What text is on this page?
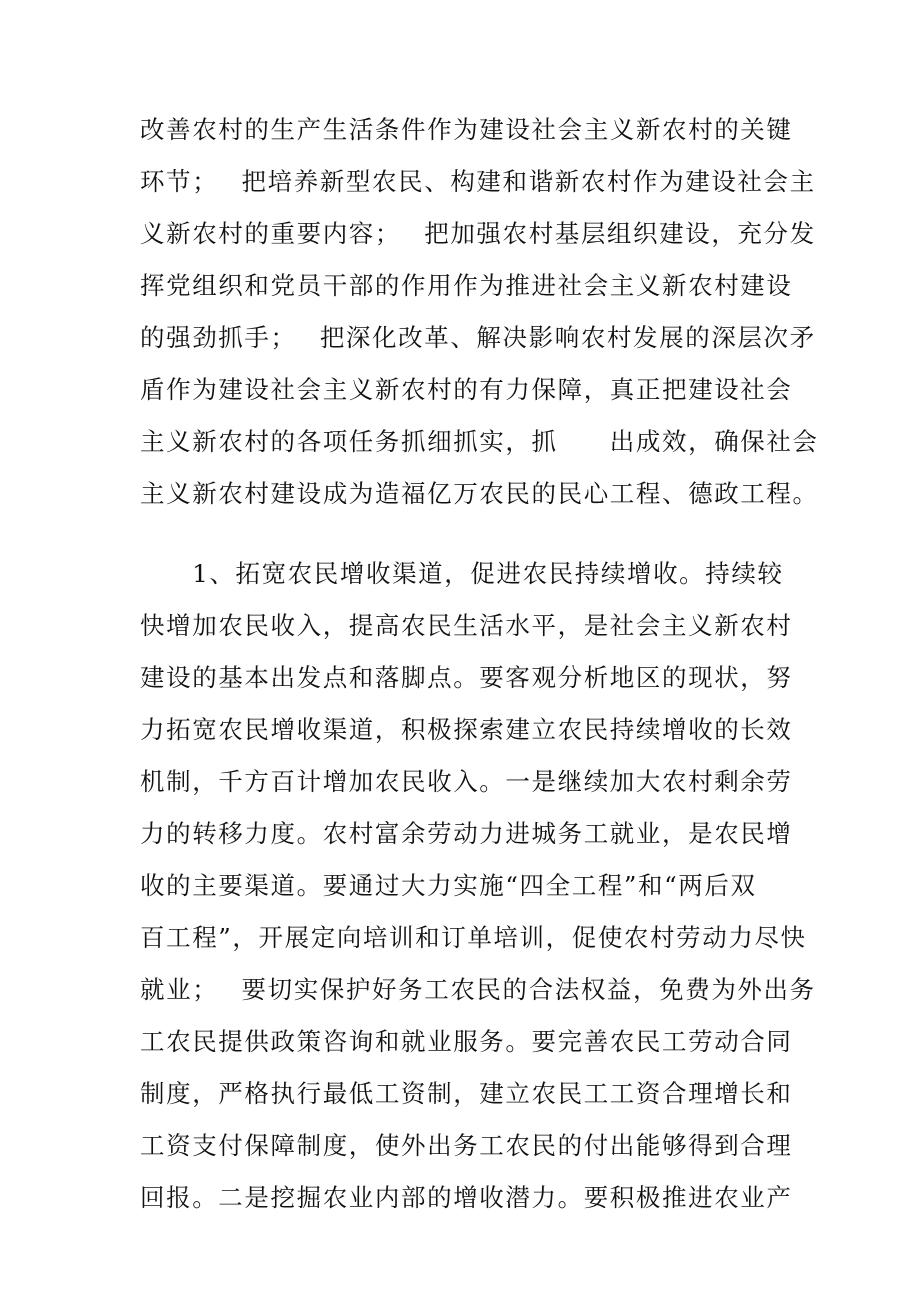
改善农村的生产生活条件作为建设社会主义新农村的关键
环节；　 把培养新型农民、构建和谐新农村作为建设社会主
义新农村的重要内容；　 把加强农村基层组织建设，充分发
挥党组织和党员干部的作用作为推进社会主义新农村建设
的强劲抓手；　 把深化改革、解决影响农村发展的深层次矛
盾作为建设社会主义新农村的有力保障，真正把建设社会
主义新农村的各项任务抓细抓实，抓　　出成效，确保社会
主义新农村建设成为造福亿万农民的民心工程、德政工程。
　　1、拓宽农民增收渠道，促进农民持续增收。持续较
快增加农民收入，提高农民生活水平，是社会主义新农村
建设的基本出发点和落脚点。要客观分析地区的现状，努
力拓宽农民增收渠道，积极探索建立农民持续增收的长效
机制，千方百计增加农民收入。一是继续加大农村剩余劳
力的转移力度。农村富余劳动力进城务工就业，是农民增
收的主要渠道。要通过大力实施“四全工程”和“两后双
百工程”，开展定向培训和订单培训，促使农村劳动力尽快
就业；　 要切实保护好务工农民的合法权益，免费为外出务
工农民提供政策咨询和就业服务。要完善农民工劳动合同
制度，严格执行最低工资制，建立农民工工资合理增长和
工资支付保障制度，使外出务工农民的付出能够得到合理
回报。二是挖掘农业内部的增收潜力。要积极推进农业产
